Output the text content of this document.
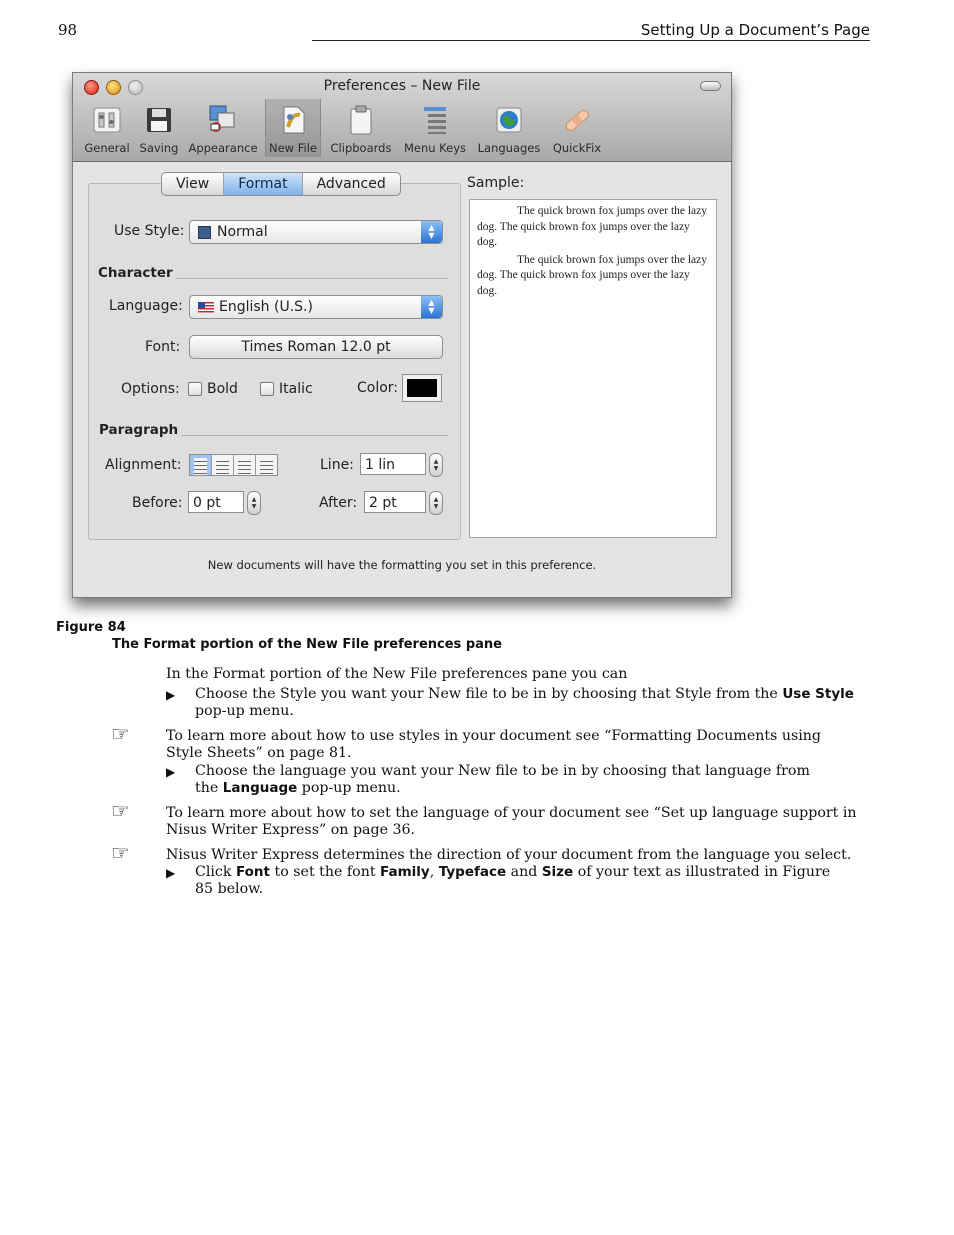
98	Setting Up a Document’s Page
Preferences – New File
General Saving Appearance New File	Clipboards	Menu Keys Languages	QuickFix
View	Format	Advanced
Use Style:	Normal	▲
▼
Character
Language:	English (U.S.)	▲
▼
Font:	Times Roman 12.0 pt
Options: Bold	Italic	Color:
Paragraph
Alignment:	Line: 1 lin	▲
▼
Before: 0 pt	▲
▼	After: 2 pt	▲
▼
Sample:

The quick brown fox jumps over the lazy dog. The quick brown fox jumps over the lazy dog.

The quick brown fox jumps over the lazy dog. The quick brown fox jumps over the lazy dog.

New documents will have the formatting you set in this preference.
Figure 84
The Format portion of the New File preferences pane
In the Format portion of the New File preferences pane you can
▶ Choose the Style you want your New file to be in by choosing that Style from the Use Style pop-up menu.
☞	To learn more about how to use styles in your document see “Formatting Documents using Style Sheets” on page 81.
▶ Choose the language you want your New file to be in by choosing that language from the Language pop-up menu.
☞	To learn more about how to set the language of your document see “Set up language support in Nisus Writer Express” on page 36.
☞	Nisus Writer Express determines the direction of your document from the language you select.
▶ Click Font to set the font Family, Typeface and Size of your text as illustrated in Figure 85 below.
